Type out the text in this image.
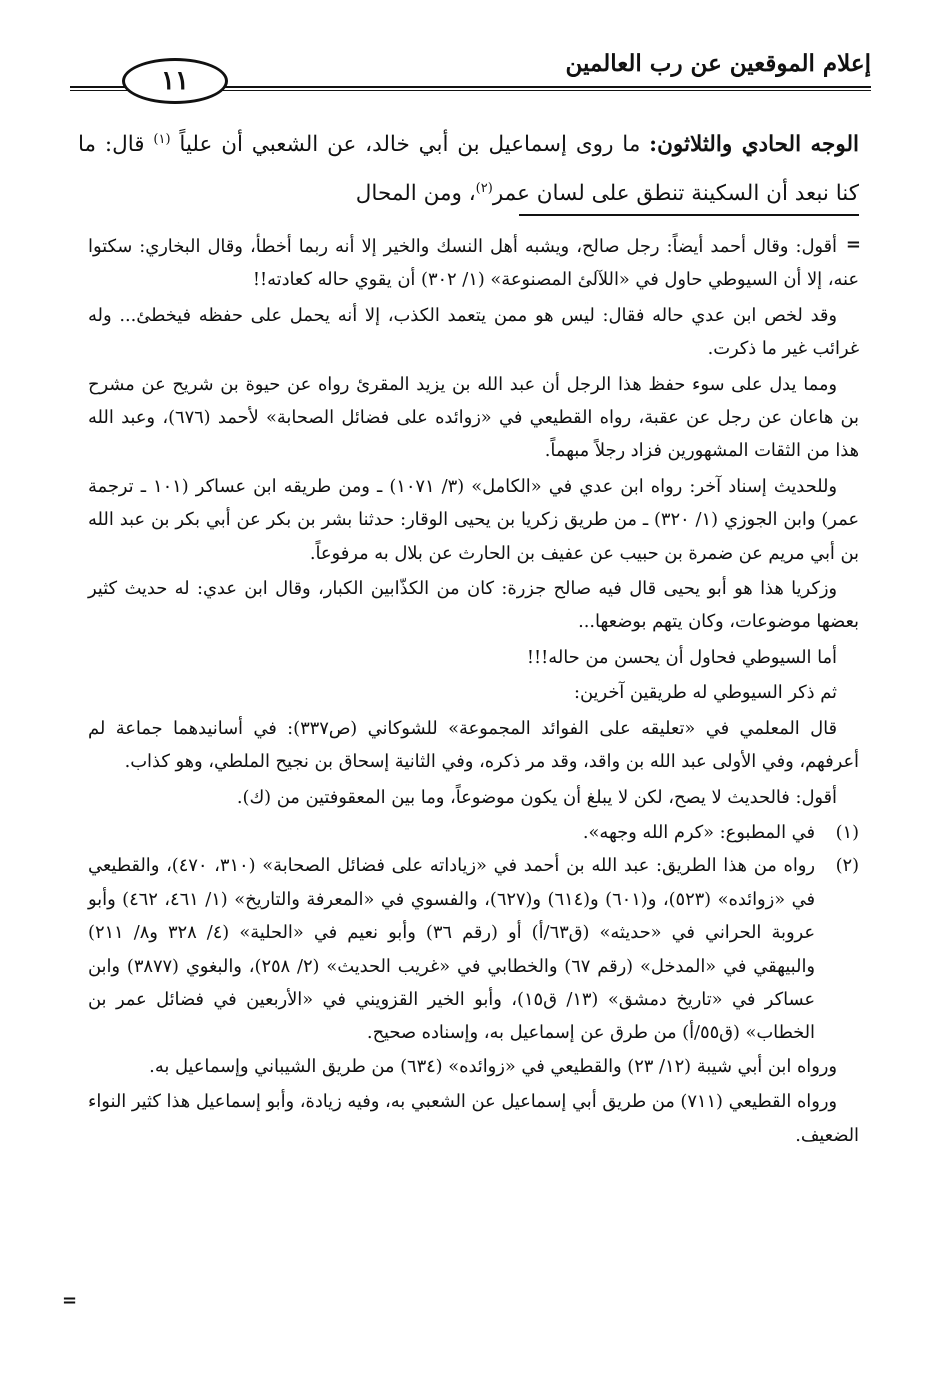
إعلام الموقعين عن رب العالمين
١١
الوجه الحادي والثلاثون: ما روى إسماعيل بن أبي خالد، عن الشعبي أن علياً $^{(١)}$ قال: ما كنا نبعد أن السكينة تنطق على لسان عمر$^{(٢)}$، ومن المحال
=

أقول: وقال أحمد أيضاً: رجل صالح، ويشبه أهل النسك والخير إلا أنه ربما أخطأ، وقال البخاري: سكتوا عنه، إلا أن السيوطي حاول في «اللآلئ المصنوعة» (١/ ٣٠٢) أن يقوي حاله كعادته!!

وقد لخص ابن عدي حاله فقال: ليس هو ممن يتعمد الكذب، إلا أنه يحمل على حفظه فيخطئ... وله غرائب غير ما ذكرت.

ومما يدل على سوء حفظ هذا الرجل أن عبد الله بن يزيد المقرئ رواه عن حيوة بن شريح عن مشرح بن هاعان عن رجل عن عقبة، رواه القطيعي في «زوائده على فضائل الصحابة» لأحمد (٦٧٦)، وعبد الله هذا من الثقات المشهورين فزاد رجلاً مبهماً.

وللحديث إسناد آخر: رواه ابن عدي في «الكامل» (٣/ ١٠٧١) ـ ومن طريقه ابن عساكر (١٠١ ـ ترجمة عمر) وابن الجوزي (١/ ٣٢٠) ـ من طريق زكريا بن يحيى الوقار: حدثنا بشر بن بكر عن أبي بكر بن عبد الله بن أبي مريم عن ضمرة بن حبيب عن عفيف بن الحارث عن بلال به مرفوعاً.

وزكريا هذا هو أبو يحيى قال فيه صالح جزرة: كان من الكذّابين الكبار، وقال ابن عدي: له حديث كثير بعضها موضوعات، وكان يتهم بوضعها...

أما السيوطي فحاول أن يحسن من حاله!!!

ثم ذكر السيوطي له طريقين آخرين:

قال المعلمي في «تعليقه على الفوائد المجموعة» للشوكاني (ص٣٣٧): في أسانيدهما جماعة لم أعرفهم، وفي الأولى عبد الله بن واقد، وقد مر ذكره، وفي الثانية إسحاق بن نجيح الملطي، وهو كذاب.

أقول: فالحديث لا يصح، لكن لا يبلغ أن يكون موضوعاً، وما بين المعقوفتين من (ك).

(١)
في المطبوع: «كرم الله وجهه».
(٢)
رواه من هذا الطريق: عبد الله بن أحمد في «زياداته على فضائل الصحابة» (٣١٠، ٤٧٠)، والقطيعي في «زوائده» (٥٢٣)، و(٦٠١) و(٦١٤) و(٦٢٧)، والفسوي في «المعرفة والتاريخ» (١/ ٤٦١، ٤٦٢) وأبو عروبة الحراني في «حديثه» (ق٦٣/أ) أو (رقم ٣٦) وأبو نعيم في «الحلية» (٤/ ٣٢٨ و٨/ ٢١١) والبيهقي في «المدخل» (رقم ٦٧) والخطابي في «غريب الحديث» (٢/ ٢٥٨)، والبغوي (٣٨٧٧) وابن عساكر في «تاريخ دمشق» (١٣/ ق١٥)، وأبو الخير القزويني في «الأربعين في فضائل عمر بن الخطاب» (ق٥٥/أ) من طرق عن إسماعيل به، وإسناده صحيح.

ورواه ابن أبي شيبة (١٢/ ٢٣) والقطيعي في «زوائده» (٦٣٤) من طريق الشيباني وإسماعيل به.

ورواه القطيعي (٧١١) من طريق أبي إسماعيل عن الشعبي به، وفيه زيادة، وأبو إسماعيل هذا كثير النواء الضعيف.

=
